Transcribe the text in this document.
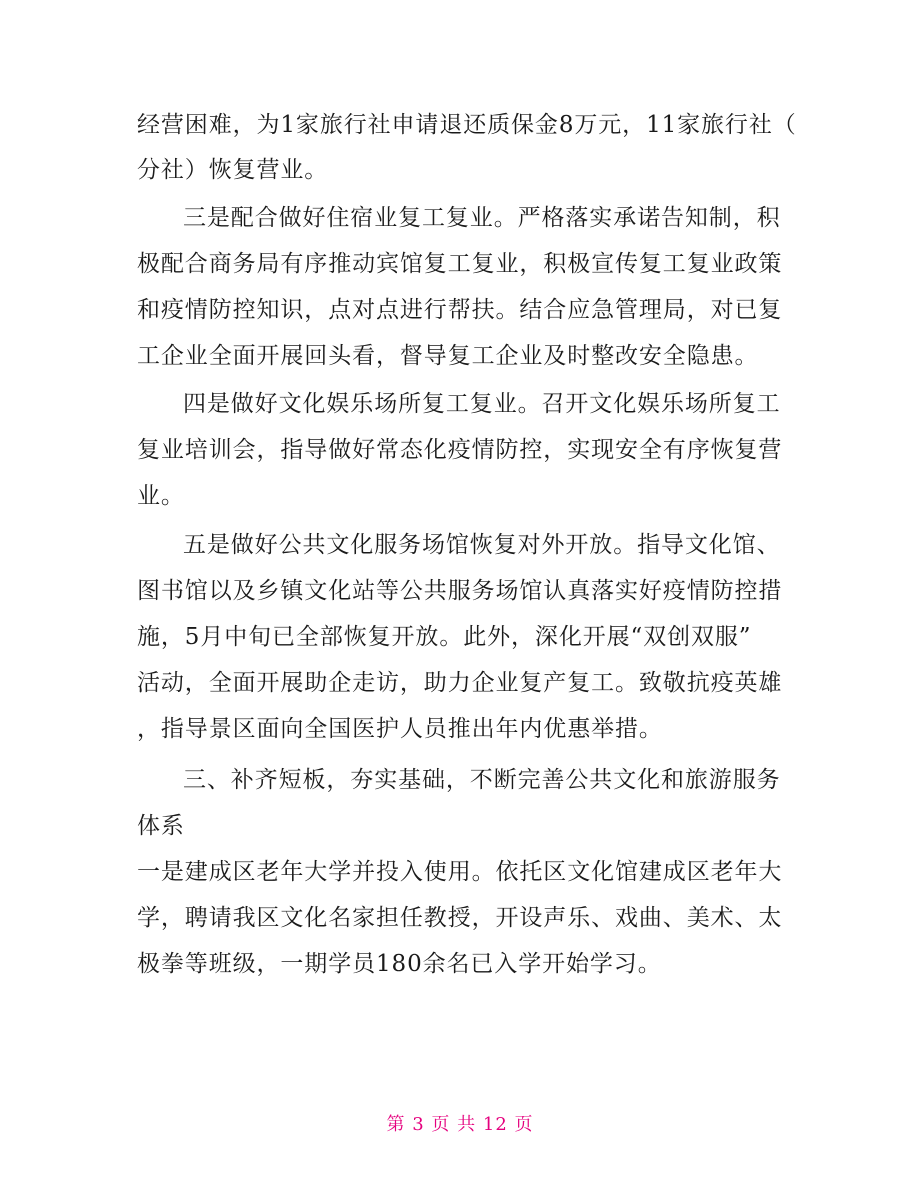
经营困难，为1家旅行社申请退还质保金8万元，11家旅行社（
分社）恢复营业。
三是配合做好住宿业复工复业。严格落实承诺告知制，积
极配合商务局有序推动宾馆复工复业，积极宣传复工复业政策
和疫情防控知识，点对点进行帮扶。结合应急管理局，对已复
工企业全面开展回头看，督导复工企业及时整改安全隐患。
四是做好文化娱乐场所复工复业。召开文化娱乐场所复工
复业培训会，指导做好常态化疫情防控，实现安全有序恢复营
业。
五是做好公共文化服务场馆恢复对外开放。指导文化馆、
图书馆以及乡镇文化站等公共服务场馆认真落实好疫情防控措
施，5月中旬已全部恢复开放。此外，深化开展“双创双服”
活动，全面开展助企走访，助力企业复产复工。致敬抗疫英雄
，指导景区面向全国医护人员推出年内优惠举措。
三、补齐短板，夯实基础，不断完善公共文化和旅游服务
体系
一是建成区老年大学并投入使用。依托区文化馆建成区老年大
学，聘请我区文化名家担任教授，开设声乐、戏曲、美术、太
极拳等班级，一期学员180余名已入学开始学习。
第 3 页 共 12 页
